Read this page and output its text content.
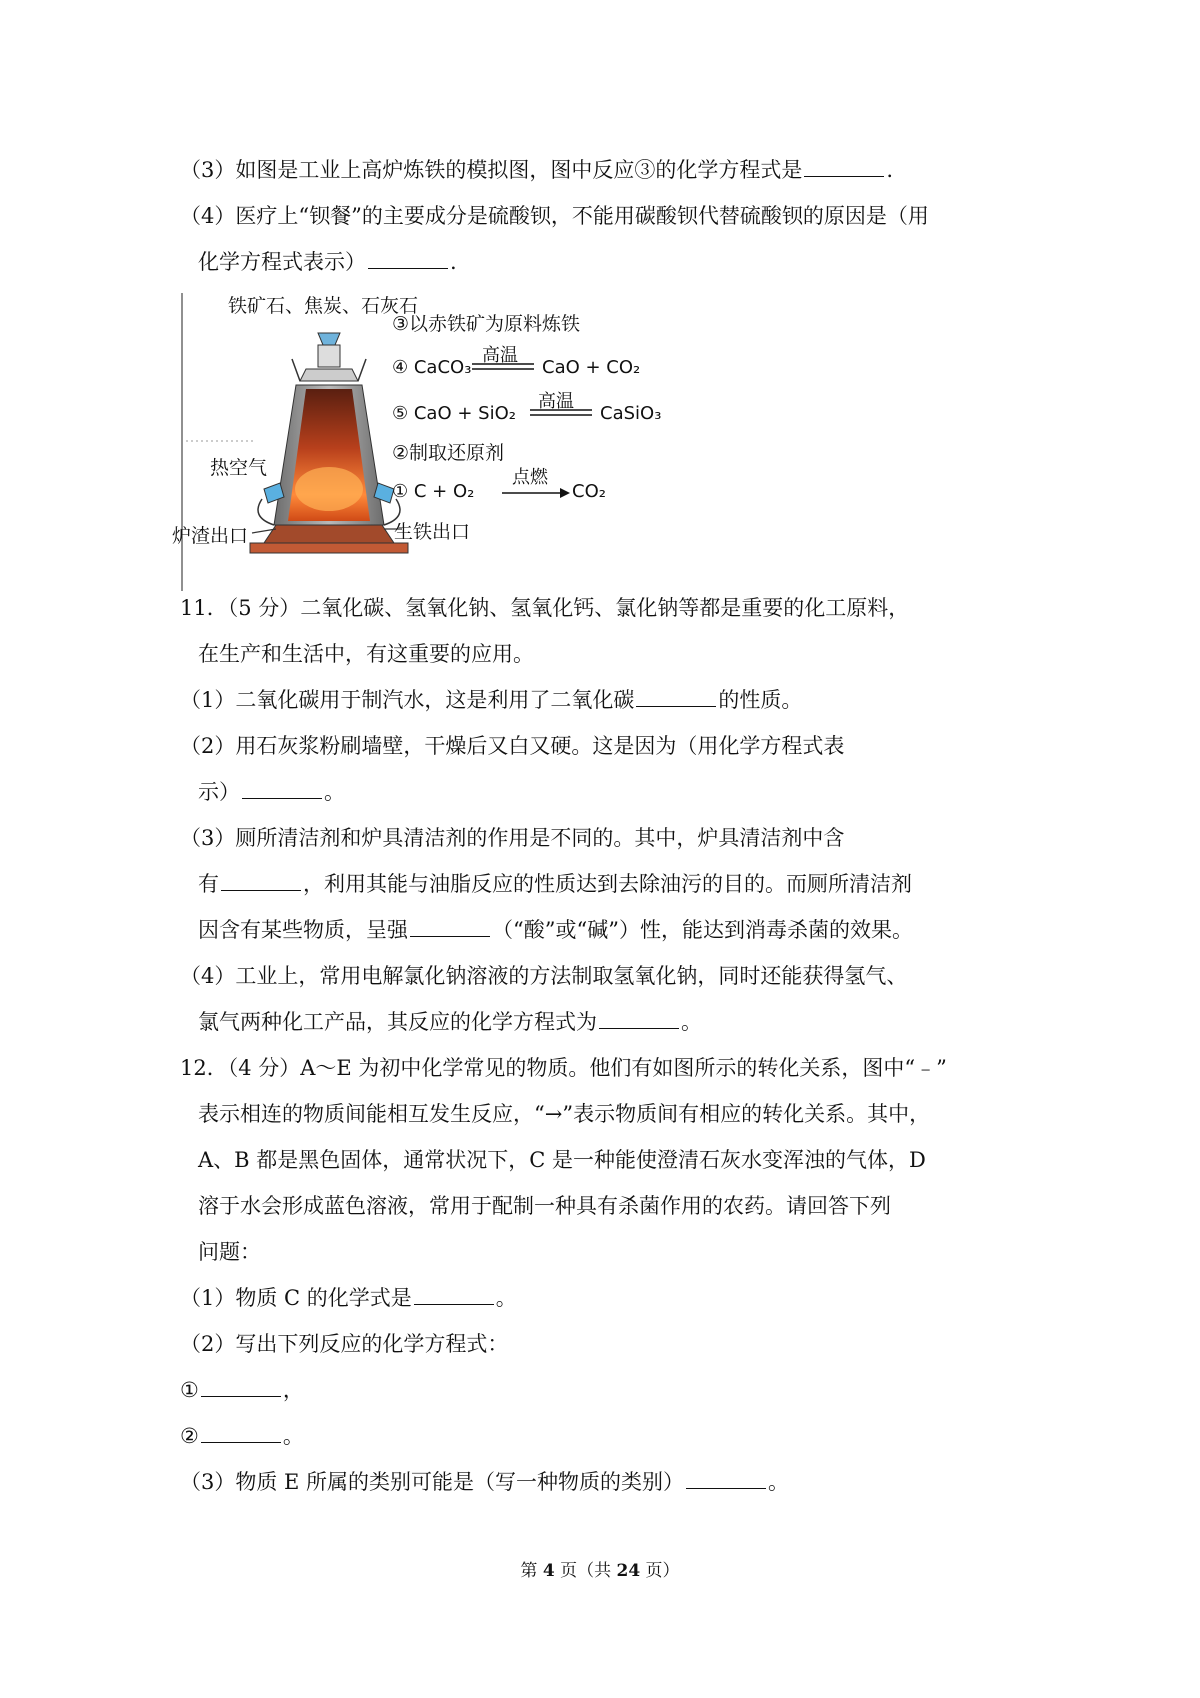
（3）如图是工业上高炉炼铁的模拟图，图中反应③的化学方程式是	.
（4）医疗上“钡餐”的主要成分是硫酸钡，不能用碳酸钡代替硫酸钡的原因是（用
化学方程式表示）	.
铁矿石、焦炭、石灰石
热空气
炉渣出口	生铁出口
③以赤铁矿为原料炼铁
④ CaCO₃
高温
CaO + CO₂
⑤ CaO + SiO₂
高温
CaSiO₃
②制取还原剂
① C + O₂
点燃
CO₂
11．（5 分）二氧化碳、氢氧化钠、氢氧化钙、氯化钠等都是重要的化工原料，
在生产和生活中，有这重要的应用。
（1）二氧化碳用于制汽水，这是利用了二氧化碳	的性质。
（2）用石灰浆粉刷墙壁，干燥后又白又硬。这是因为（用化学方程式表
示）	。
（3）厕所清洁剂和炉具清洁剂的作用是不同的。其中，炉具清洁剂中含
有	，利用其能与油脂反应的性质达到去除油污的目的。而厕所清洁剂
因含有某些物质，呈强	（“酸”或“碱”）性，能达到消毒杀菌的效果。
（4）工业上，常用电解氯化钠溶液的方法制取氢氧化钠，同时还能获得氢气、
氯气两种化工产品，其反应的化学方程式为	。
12．（4 分）A～E 为初中化学常见的物质。他们有如图所示的转化关系，图中“﹣”
表示相连的物质间能相互发生反应，“→”表示物质间有相应的转化关系。其中，
A、B 都是黑色固体，通常状况下，C 是一种能使澄清石灰水变浑浊的气体，D
溶于水会形成蓝色溶液，常用于配制一种具有杀菌作用的农药。请回答下列
问题：
（1）物质 C 的化学式是	。
（2）写出下列反应的化学方程式：
①	，
②	。
（3）物质 E 所属的类别可能是（写一种物质的类别）	。
第 4 页（共 24 页）
